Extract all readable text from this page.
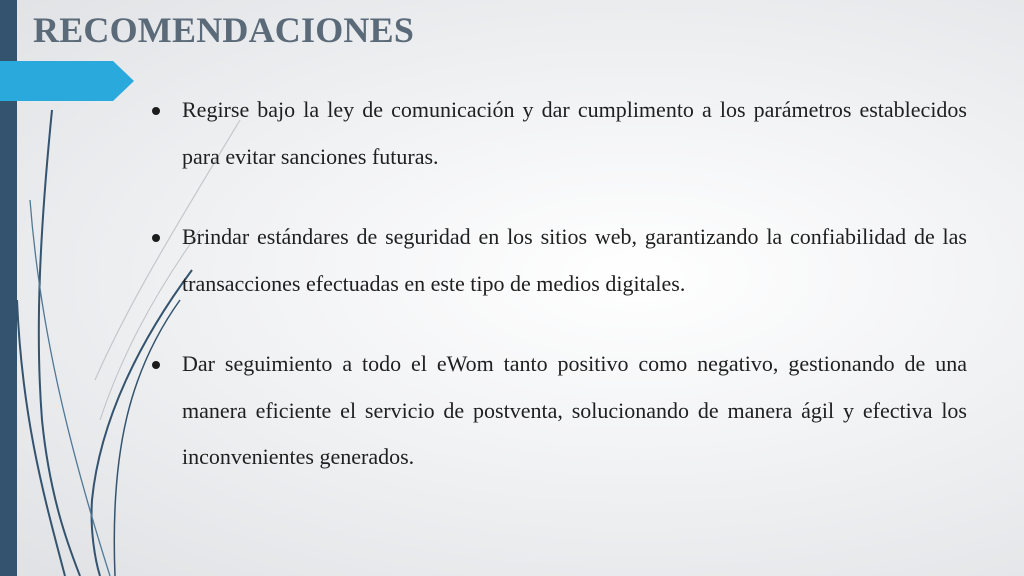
RECOMENDACIONES
Regirse bajo la ley de comunicación y dar cumplimento a los parámetros establecidos para evitar sanciones futuras.
Brindar estándares de seguridad en los sitios web, garantizando la confiabilidad de las transacciones efectuadas en este tipo de medios digitales.
Dar seguimiento a todo el eWom tanto positivo como negativo, gestionando de una manera eficiente el servicio de postventa, solucionando de manera ágil y efectiva los inconvenientes generados.
